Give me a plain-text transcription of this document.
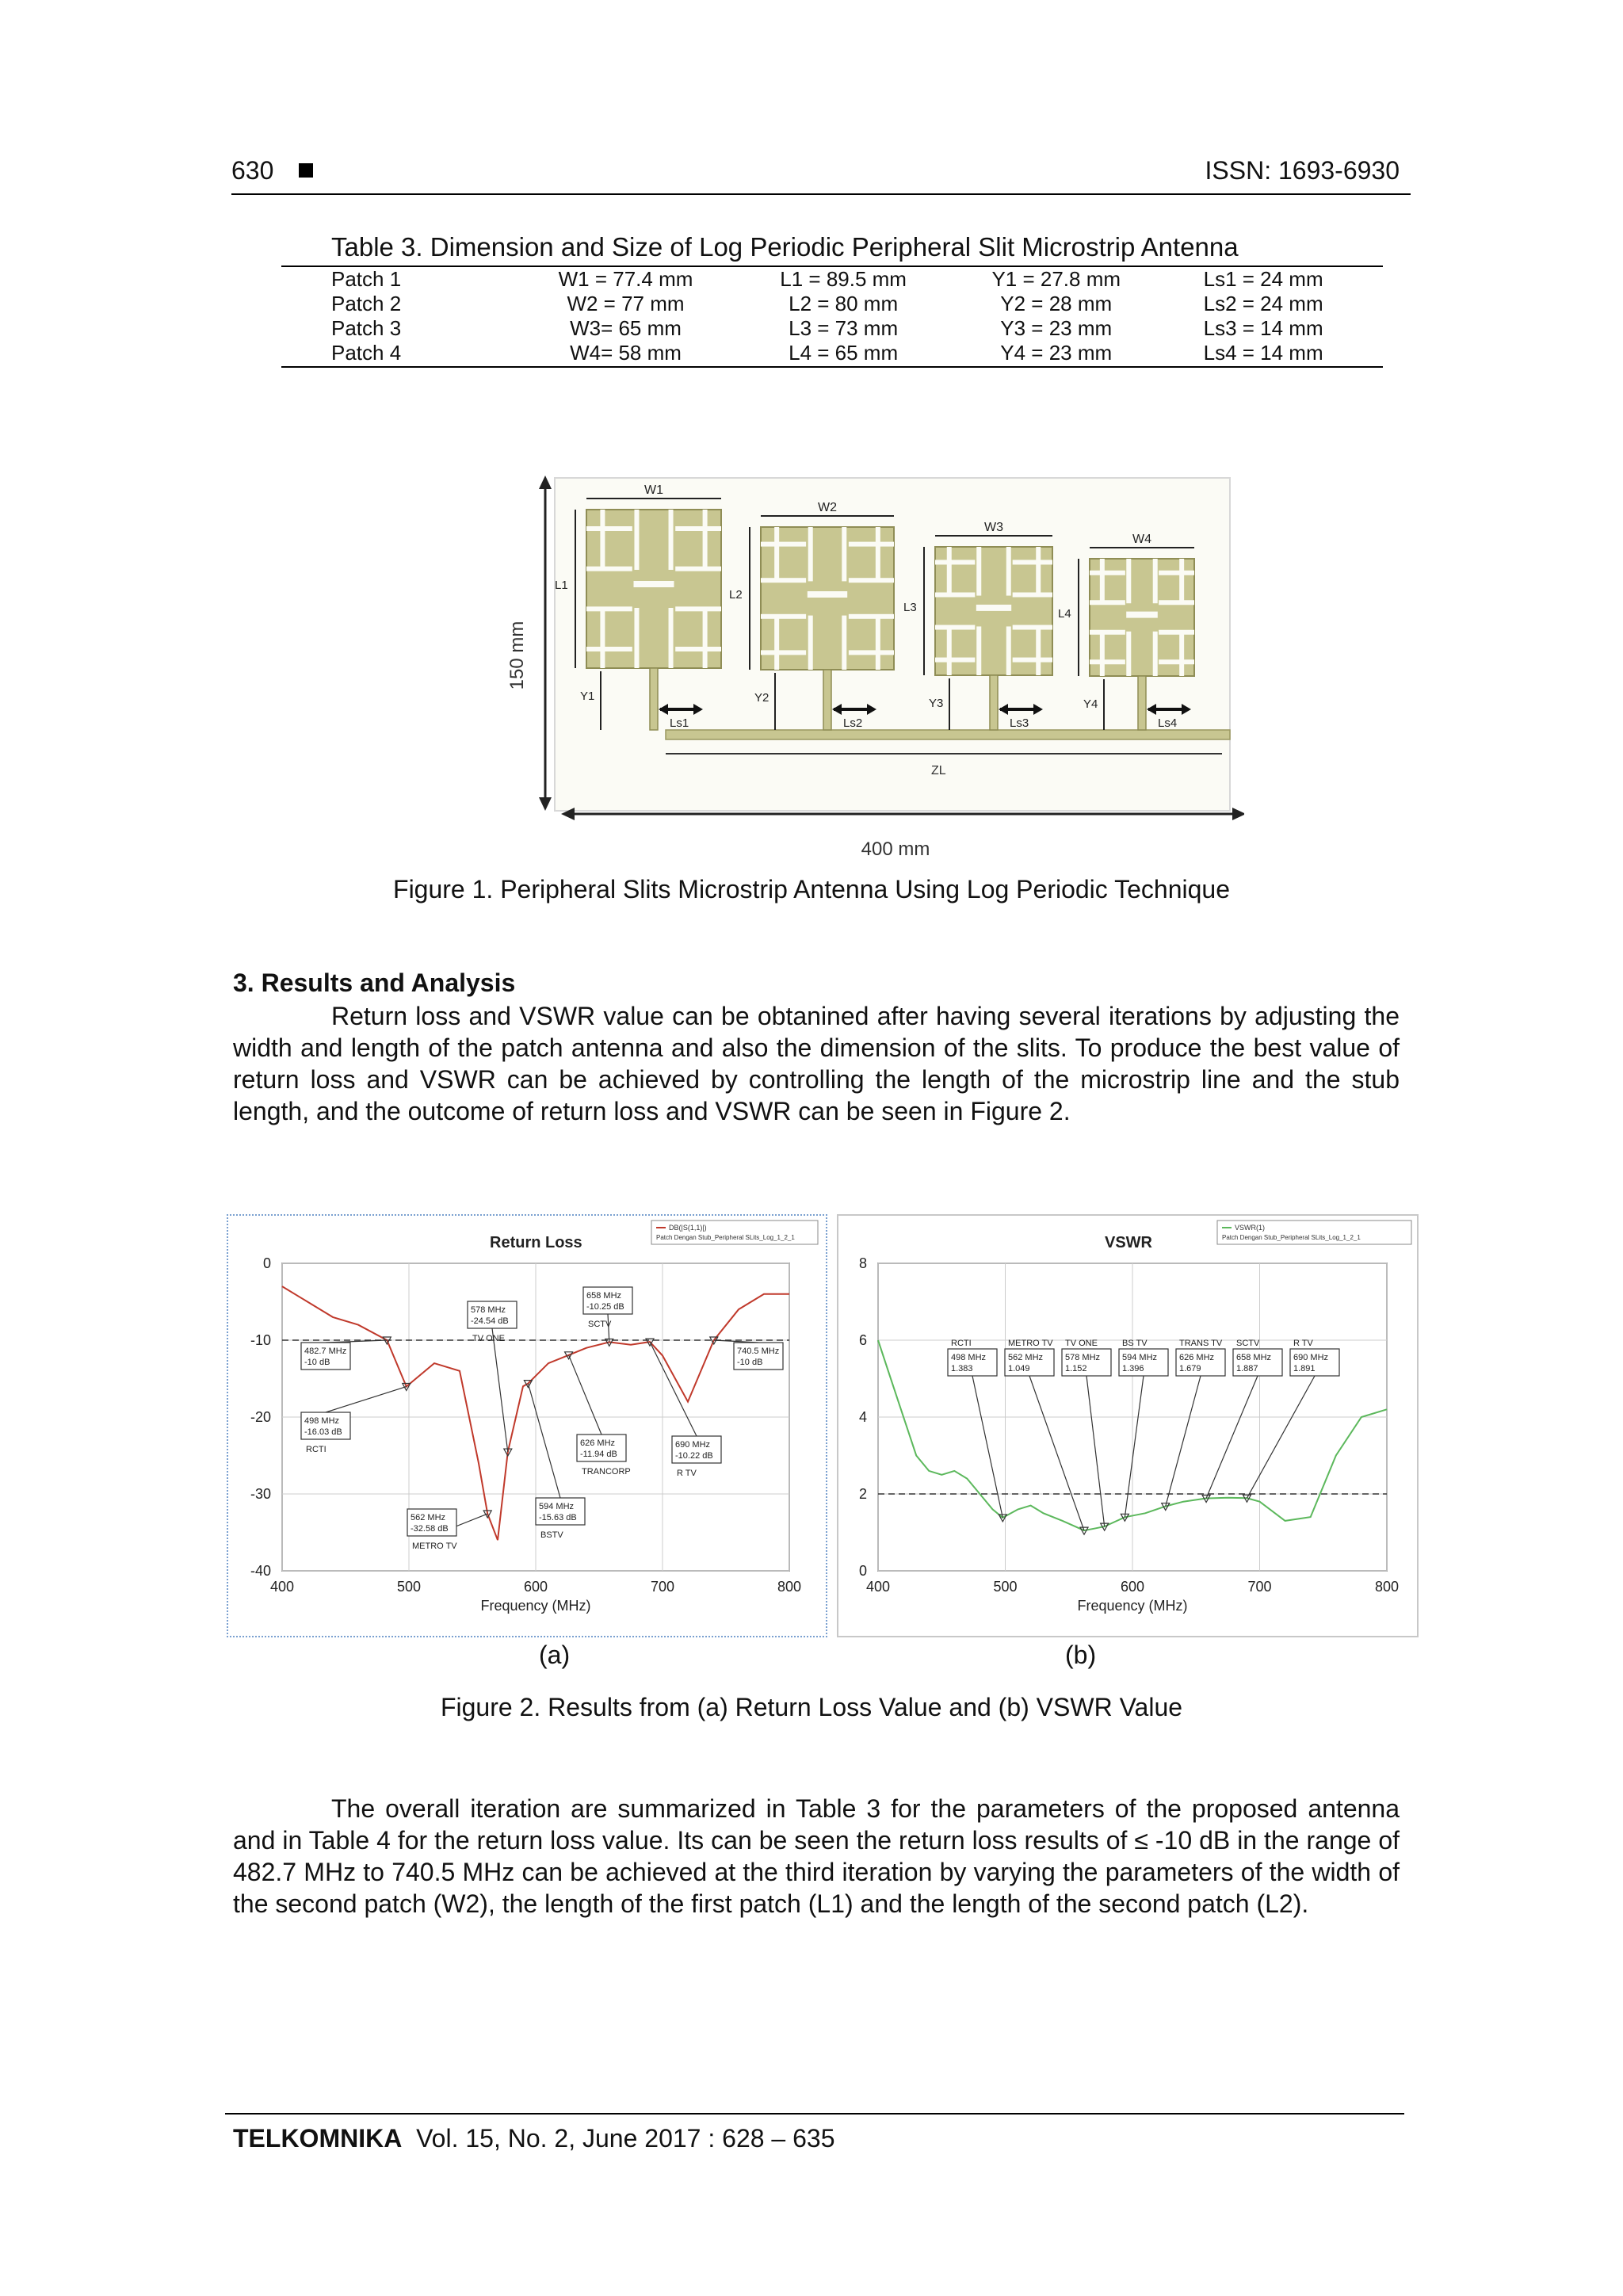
630	ISSN: 1693-6930
Table 3. Dimension and Size of Log Periodic Peripheral Slit Microstrip Antenna
Patch 1	W1 = 77.4 mm	L1 = 89.5 mm	Y1 = 27.8 mm	Ls1 = 24 mm
Patch 2	W2 = 77 mm	L2 = 80 mm	Y2 = 28 mm	Ls2 = 24 mm
Patch 3	W3= 65 mm	L3 = 73 mm	Y3 = 23 mm	Ls3 = 14 mm
Patch 4	W4= 58 mm	L4 = 65 mm	Y4 = 23 mm	Ls4 = 14 mm
150 mm
400 mm
ZL
W1
L1
Y1
Ls1
W2
L2
Y2
Ls2
W3
L3
Y3
Ls3
W4
L4
Y4
Ls4
Figure 1. Peripheral Slits Microstrip Antenna Using Log Periodic Technique
3. Results and Analysis
Return loss and VSWR value can be obtanined after having several iterations by adjusting the width and length of the patch antenna and also the dimension of the slits. To produce the best value of return loss and VSWR can be achieved by controlling the length of the microstrip line and the stub length, and the outcome of return loss and VSWR can be seen in Figure 2.
400	500	600	700	800
0
-10
-20
-30
-40
Return Loss
DB(|S(1,1)|)
Patch Dengan Stub_Peripheral SLits_Log_1_2_1
Frequency (MHz)
482.7 MHz
-10 dB
498 MHz
-16.03 dB
RCTI
562 MHz
-32.58 dB
METRO TV
578 MHz
-24.54 dB
TV ONE
594 MHz
-15.63 dB
BSTV
626 MHz
-11.94 dB
TRANCORP
658 MHz
-10.25 dB
SCTV
690 MHz
-10.22 dB
R TV
740.5 MHz
-10 dB
400	500	600	700	800
0
2
4
6
8
VSWR
VSWR(1)
Patch Dengan Stub_Peripheral SLits_Log_1_2_1
Frequency (MHz)
498 MHz
1.383
RCTI
562 MHz
1.049
METRO TV
578 MHz
1.152
TV ONE
594 MHz
1.396
BS TV
626 MHz
1.679
TRANS TV
658 MHz
1.887
SCTV
690 MHz
1.891
R TV
(a)	(b)
Figure 2. Results from (a) Return Loss Value and (b) VSWR Value
The overall iteration are summarized in Table 3 for the parameters of the proposed antenna and in Table 4 for the return loss value. Its can be seen the return loss results of ≤ -10 dB in the range of 482.7 MHz to 740.5 MHz can be achieved at the third iteration by varying the parameters of the width of the second patch (W2), the length of the first patch (L1) and the length of the second patch (L2).
TELKOMNIKA Vol. 15, No. 2, June 2017 : 628 – 635
